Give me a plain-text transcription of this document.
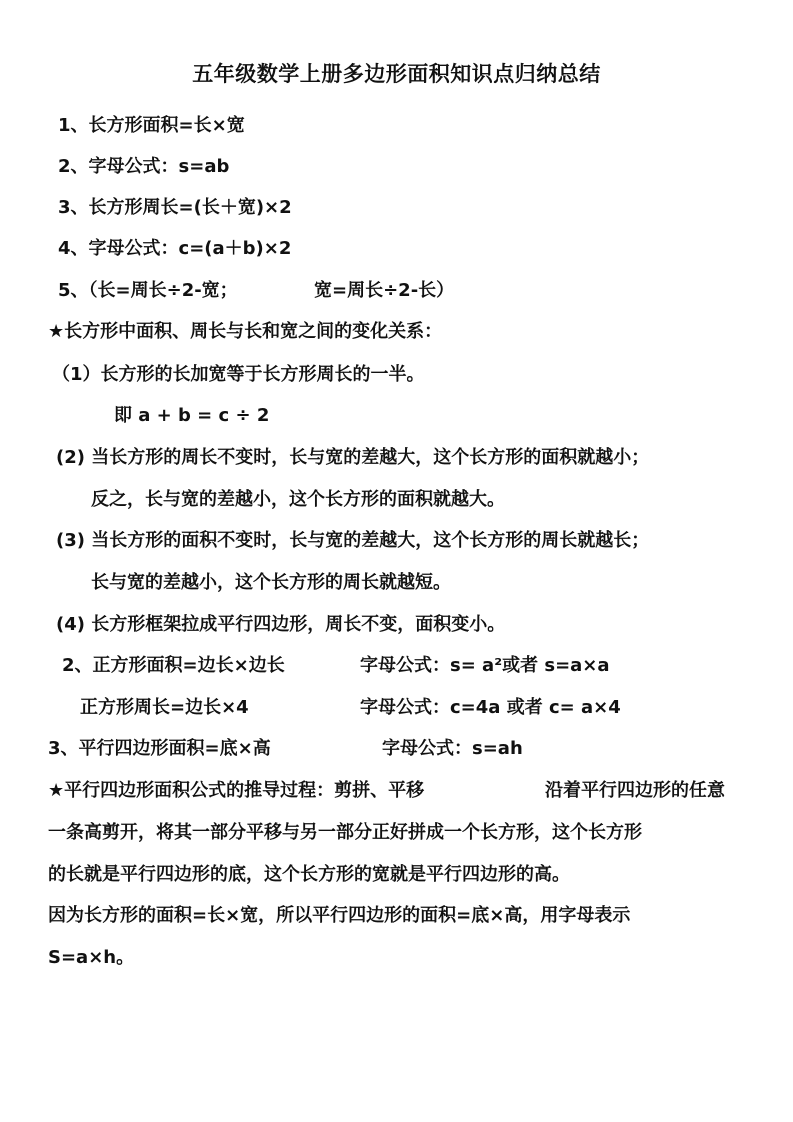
五年级数学上册多边形面积知识点归纳总结
1、长方形面积=长×宽
2、字母公式：s=ab
3、长方形周长=(长＋宽)×2
4、字母公式：c=(a＋b)×2
5、（长=周长÷2-宽；	宽=周长÷2-长）
★长方形中面积、周长与长和宽之间的变化关系：
（1）长方形的长加宽等于长方形周长的一半。
即 a + b = c ÷ 2
(2) 当长方形的周长不变时，长与宽的差越大，这个长方形的面积就越小；
反之，长与宽的差越小，这个长方形的面积就越大。
(3) 当长方形的面积不变时，长与宽的差越大，这个长方形的周长就越长；
长与宽的差越小，这个长方形的周长就越短。
(4) 长方形框架拉成平行四边形，周长不变，面积变小。
2、正方形面积=边长×边长	字母公式：s= a²或者 s=a×a
正方形周长=边长×4	字母公式：c=4a 或者 c= a×4
3、平行四边形面积=底×高	字母公式：s=ah
★平行四边形面积公式的推导过程：剪拼、平移	沿着平行四边形的任意
一条高剪开，将其一部分平移与另一部分正好拼成一个长方形，这个长方形
的长就是平行四边形的底，这个长方形的宽就是平行四边形的高。
因为长方形的面积=长×宽，所以平行四边形的面积=底×高，用字母表示
S=a×h。
